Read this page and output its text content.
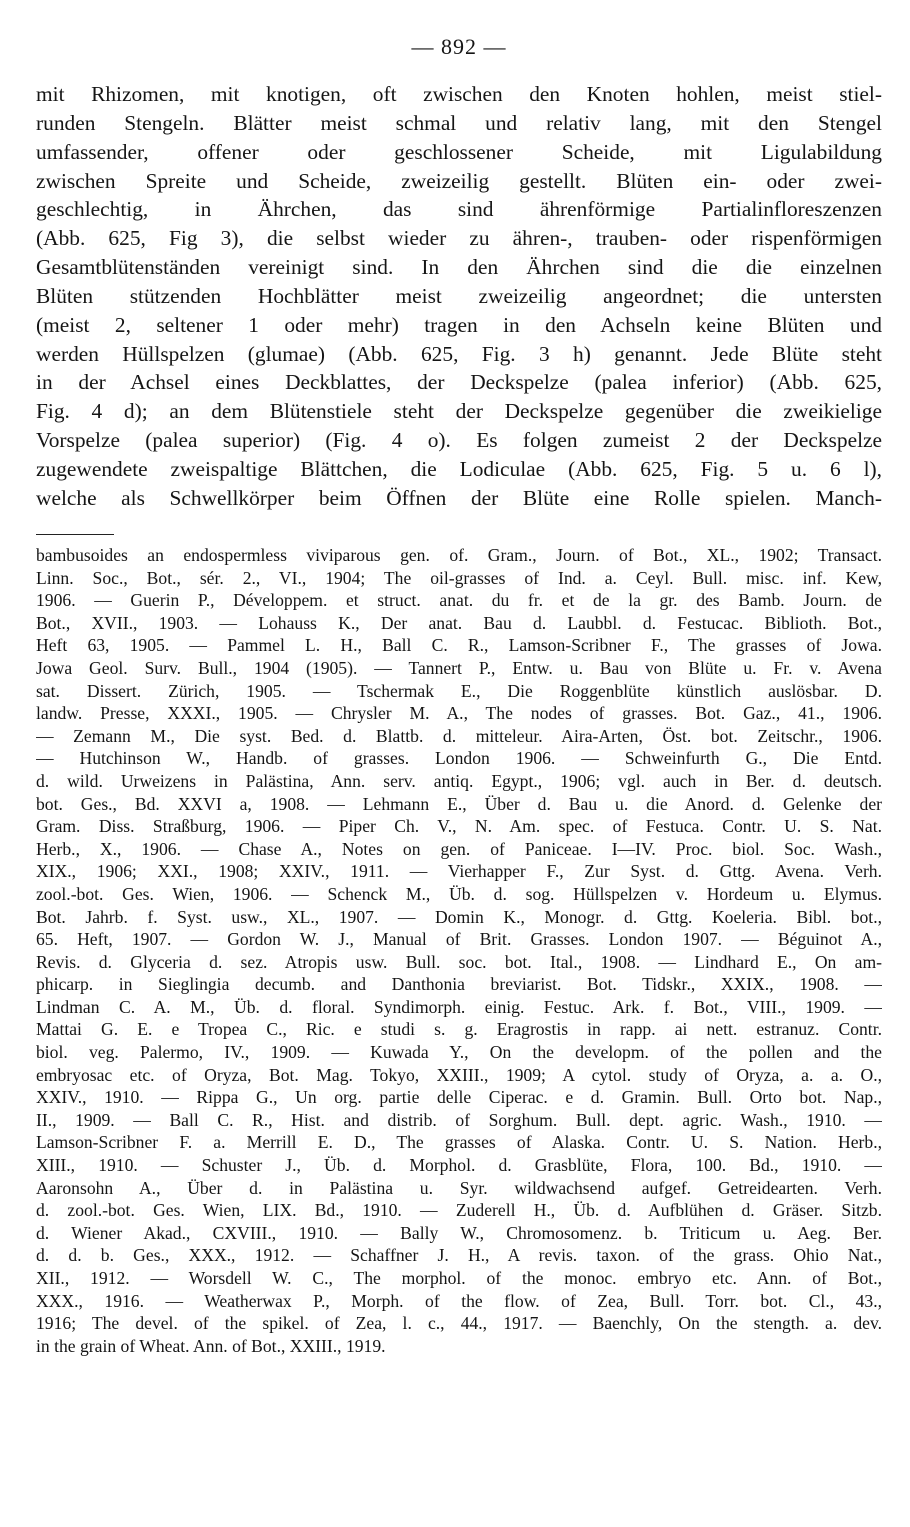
— 892 —
mit Rhizomen, mit knotigen, oft zwischen den Knoten hohlen, meist stiel-
runden Stengeln. Blätter meist schmal und relativ lang, mit den Stengel
umfassender, offener oder geschlossener Scheide, mit Ligulabildung
zwischen Spreite und Scheide, zweizeilig gestellt. Blüten ein- oder zwei-
geschlechtig, in Ährchen, das sind ährenförmige Partialinfloreszenzen
(Abb. 625, Fig 3), die selbst wieder zu ähren-, trauben- oder rispenförmigen
Gesamtblütenständen vereinigt sind. In den Ährchen sind die die einzelnen
Blüten stützenden Hochblätter meist zweizeilig angeordnet; die untersten
(meist 2, seltener 1 oder mehr) tragen in den Achseln keine Blüten und
werden Hüllspelzen (glumae) (Abb. 625, Fig. 3 h) genannt. Jede Blüte steht
in der Achsel eines Deckblattes, der Deckspelze (palea inferior) (Abb. 625,
Fig. 4 d); an dem Blütenstiele steht der Deckspelze gegenüber die zweikielige
Vorspelze (palea superior) (Fig. 4 o). Es folgen zumeist 2 der Deckspelze
zugewendete zweispaltige Blättchen, die Lodiculae (Abb. 625, Fig. 5 u. 6 l),
welche als Schwellkörper beim Öffnen der Blüte eine Rolle spielen. Manch-
bambusoides an endospermless viviparous gen. of. Gram., Journ. of Bot., XL., 1902; Transact.
Linn. Soc., Bot., sér. 2., VI., 1904; The oil-grasses of Ind. a. Ceyl. Bull. misc. inf. Kew,
1906. — Guerin P., Développem. et struct. anat. du fr. et de la gr. des Bamb. Journ. de
Bot., XVII., 1903. — Lohauss K., Der anat. Bau d. Laubbl. d. Festucac. Biblioth. Bot.,
Heft 63, 1905. — Pammel L. H., Ball C. R., Lamson-Scribner F., The grasses of Jowa.
Jowa Geol. Surv. Bull., 1904 (1905). — Tannert P., Entw. u. Bau von Blüte u. Fr. v. Avena
sat. Dissert. Zürich, 1905. — Tschermak E., Die Roggenblüte künstlich auslösbar. D.
landw. Presse, XXXI., 1905. — Chrysler M. A., The nodes of grasses. Bot. Gaz., 41., 1906.
— Zemann M., Die syst. Bed. d. Blattb. d. mitteleur. Aira-Arten, Öst. bot. Zeitschr., 1906.
— Hutchinson W., Handb. of grasses. London 1906. — Schweinfurth G., Die Entd.
d. wild. Urweizens in Palästina, Ann. serv. antiq. Egypt., 1906; vgl. auch in Ber. d. deutsch.
bot. Ges., Bd. XXVI a, 1908. — Lehmann E., Über d. Bau u. die Anord. d. Gelenke der
Gram. Diss. Straßburg, 1906. — Piper Ch. V., N. Am. spec. of Festuca. Contr. U. S. Nat.
Herb., X., 1906. — Chase A., Notes on gen. of Paniceae. I—IV. Proc. biol. Soc. Wash.,
XIX., 1906; XXI., 1908; XXIV., 1911. — Vierhapper F., Zur Syst. d. Gttg. Avena. Verh.
zool.-bot. Ges. Wien, 1906. — Schenck M., Üb. d. sog. Hüllspelzen v. Hordeum u. Elymus.
Bot. Jahrb. f. Syst. usw., XL., 1907. — Domin K., Monogr. d. Gttg. Koeleria. Bibl. bot.,
65. Heft, 1907. — Gordon W. J., Manual of Brit. Grasses. London 1907. — Béguinot A.,
Revis. d. Glyceria d. sez. Atropis usw. Bull. soc. bot. Ital., 1908. — Lindhard E., On am-
phicarp. in Sieglingia decumb. and Danthonia breviarist. Bot. Tidskr., XXIX., 1908. —
Lindman C. A. M., Üb. d. floral. Syndimorph. einig. Festuc. Ark. f. Bot., VIII., 1909. —
Mattai G. E. e Tropea C., Ric. e studi s. g. Eragrostis in rapp. ai nett. estranuz. Contr.
biol. veg. Palermo, IV., 1909. — Kuwada Y., On the developm. of the pollen and the
embryosac etc. of Oryza, Bot. Mag. Tokyo, XXIII., 1909; A cytol. study of Oryza, a. a. O.,
XXIV., 1910. — Rippa G., Un org. partie delle Ciperac. e d. Gramin. Bull. Orto bot. Nap.,
II., 1909. — Ball C. R., Hist. and distrib. of Sorghum. Bull. dept. agric. Wash., 1910. —
Lamson-Scribner F. a. Merrill E. D., The grasses of Alaska. Contr. U. S. Nation. Herb.,
XIII., 1910. — Schuster J., Üb. d. Morphol. d. Grasblüte, Flora, 100. Bd., 1910. —
Aaronsohn A., Über d. in Palästina u. Syr. wildwachsend aufgef. Getreidearten. Verh.
d. zool.-bot. Ges. Wien, LIX. Bd., 1910. — Zuderell H., Üb. d. Aufblühen d. Gräser. Sitzb.
d. Wiener Akad., CXVIII., 1910. — Bally W., Chromosomenz. b. Triticum u. Aeg. Ber.
d. d. b. Ges., XXX., 1912. — Schaffner J. H., A revis. taxon. of the grass. Ohio Nat.,
XII., 1912. — Worsdell W. C., The morphol. of the monoc. embryo etc. Ann. of Bot.,
XXX., 1916. — Weatherwax P., Morph. of the flow. of Zea, Bull. Torr. bot. Cl., 43.,
1916; The devel. of the spikel. of Zea, l. c., 44., 1917. — Baenchly, On the stength. a. dev.
in the grain of Wheat. Ann. of Bot., XXIII., 1919.
